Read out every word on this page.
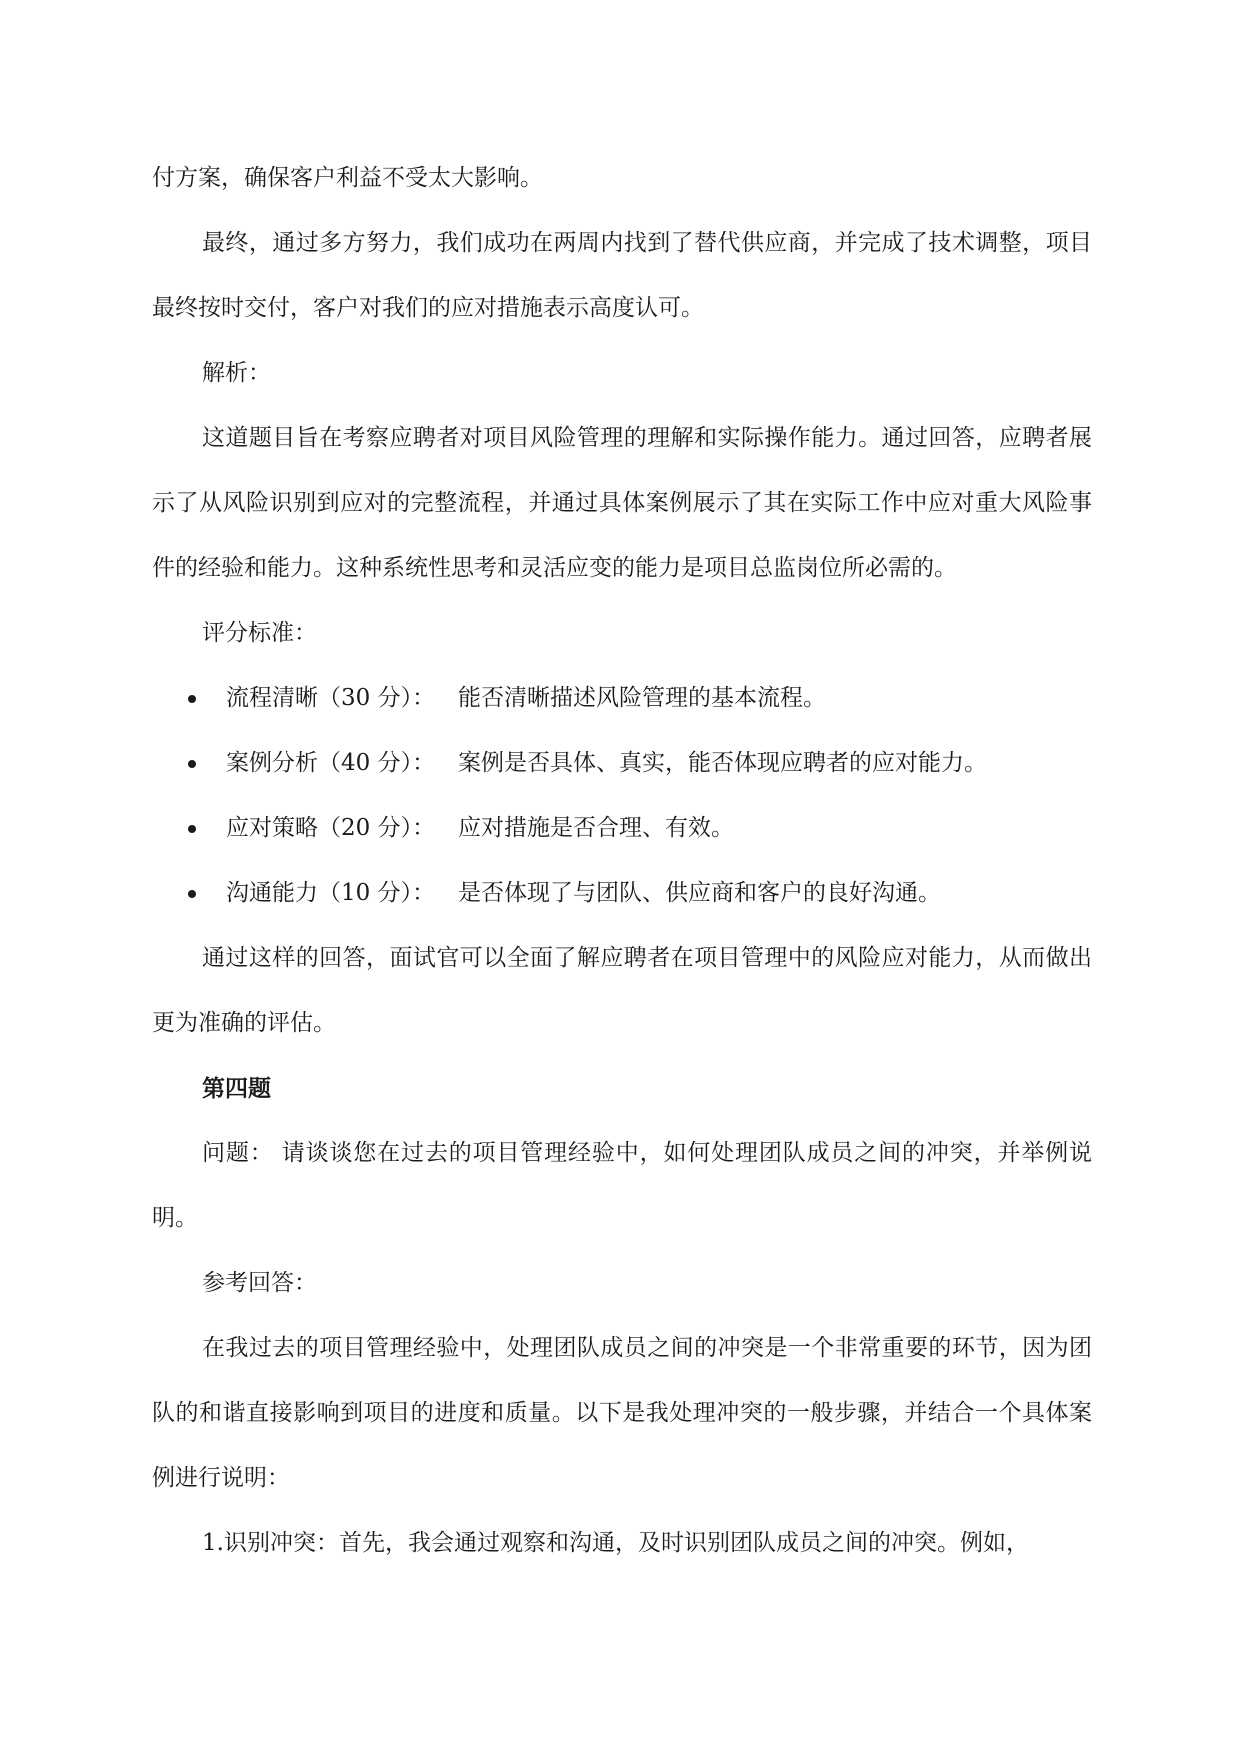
付方案，确保客户利益不受太大影响。

最终，通过多方努力，我们成功在两周内找到了替代供应商，并完成了技术调整，项目最终按时交付，客户对我们的应对措施表示高度认可。

解析：

这道题目旨在考察应聘者对项目风险管理的理解和实际操作能力。通过回答，应聘者展示了从风险识别到应对的完整流程，并通过具体案例展示了其在实际工作中应对重大风险事件的经验和能力。这种系统性思考和灵活应变的能力是项目总监岗位所必需的。

评分标准：

流程清晰（30 分）： 能否清晰描述风险管理的基本流程。
案例分析（40 分）： 案例是否具体、真实，能否体现应聘者的应对能力。
应对策略（20 分）： 应对措施是否合理、有效。
沟通能力（10 分）： 是否体现了与团队、供应商和客户的良好沟通。

通过这样的回答，面试官可以全面了解应聘者在项目管理中的风险应对能力，从而做出更为准确的评估。

第四题

问题： 请谈谈您在过去的项目管理经验中，如何处理团队成员之间的冲突，并举例说明。

参考回答：

在我过去的项目管理经验中，处理团队成员之间的冲突是一个非常重要的环节，因为团队的和谐直接影响到项目的进度和质量。以下是我处理冲突的一般步骤，并结合一个具体案例进行说明：

1.识别冲突：首先，我会通过观察和沟通，及时识别团队成员之间的冲突。例如，
